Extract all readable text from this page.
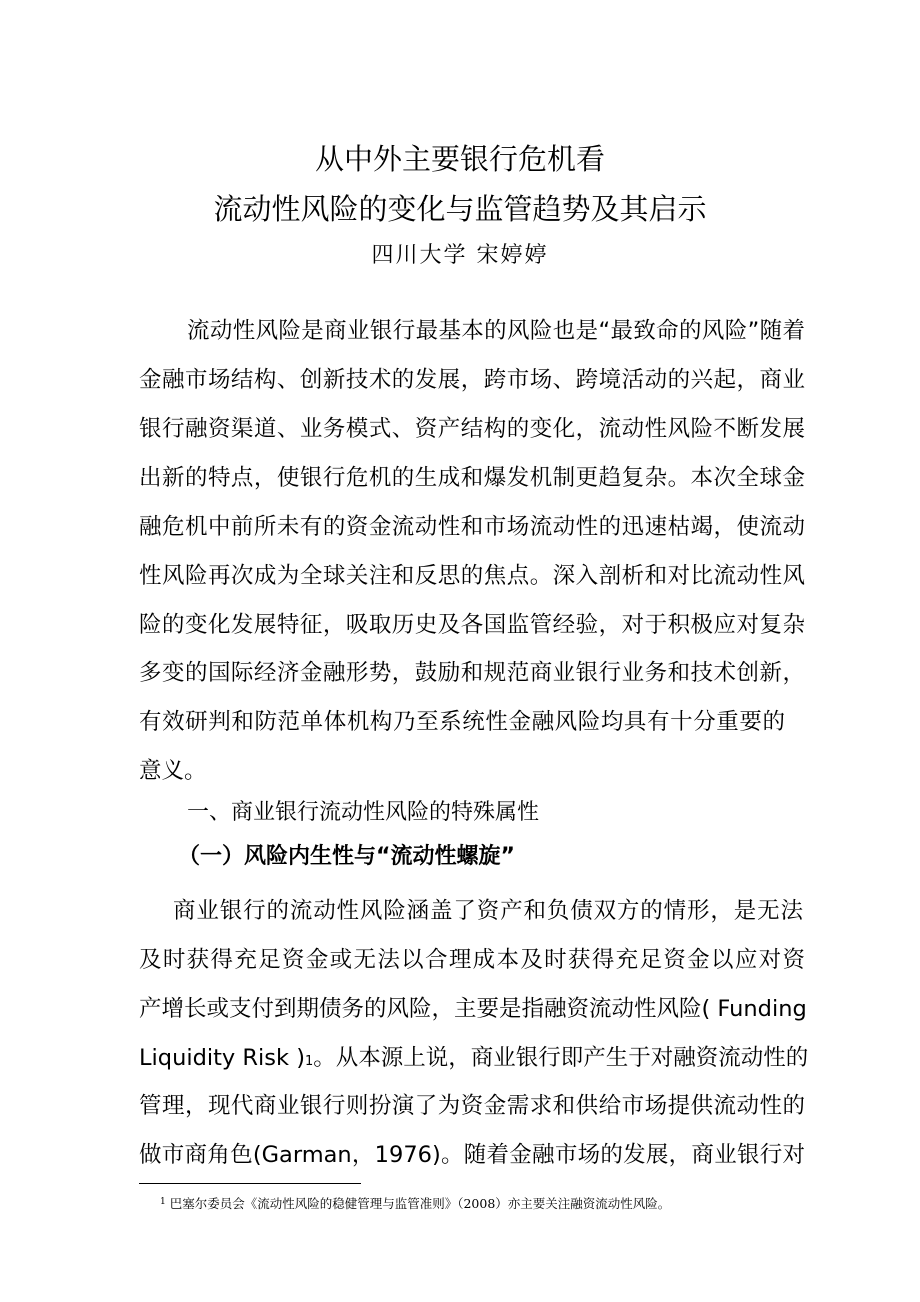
从中外主要银行危机看
流动性风险的变化与监管趋势及其启示
四川大学 宋婷婷
流动性风险是商业银行最基本的风险也是“最致命的风险”随着
金融市场结构、创新技术的发展，跨市场、跨境活动的兴起，商业
银行融资渠道、业务模式、资产结构的变化，流动性风险不断发展
出新的特点，使银行危机的生成和爆发机制更趋复杂。本次全球金
融危机中前所未有的资金流动性和市场流动性的迅速枯竭，使流动
性风险再次成为全球关注和反思的焦点。深入剖析和对比流动性风
险的变化发展特征，吸取历史及各国监管经验，对于积极应对复杂
多变的国际经济金融形势，鼓励和规范商业银行业务和技术创新，
有效研判和防范单体机构乃至系统性金融风险均具有十分重要的
意义。
一、商业银行流动性风险的特殊属性
（一）风险内生性与“流动性螺旋”
商业银行的流动性风险涵盖了资产和负债双方的情形，是无法
及时获得充足资金或无法以合理成本及时获得充足资金以应对资
产增长或支付到期债务的风险，主要是指融资流动性风险( Funding
Liquidity Risk ) 1 。从本源上说，商业银行即产生于对融资流动性的
管理，现代商业银行则扮演了为资金需求和供给市场提供流动性的
做市商角色(Garman，1976)。随着金融市场的发展，商业银行对
$^1$ 巴塞尔委员会《流动性风险的稳健管理与监管准则》（2008）亦主要关注融资流动性风险。
